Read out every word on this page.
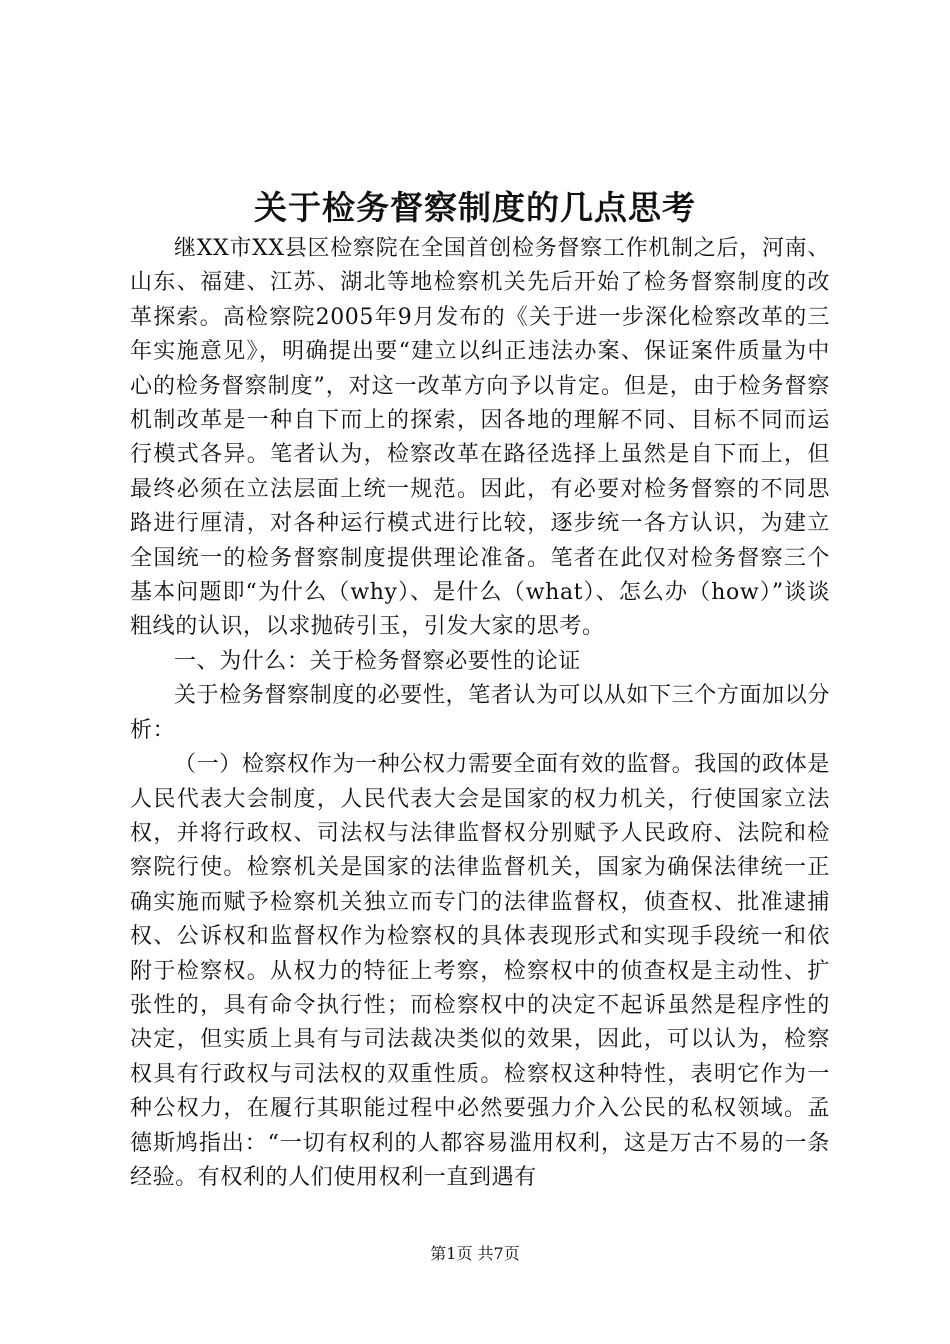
关于检务督察制度的几点思考

继XX市XX县区检察院在全国首创检务督察工作机制之后，河南、山东、福建、江苏、湖北等地检察机关先后开始了检务督察制度的改革探索。高检察院2005年9月发布的《关于进一步深化检察改革的三年实施意见》，明确提出要“建立以纠正违法办案、保证案件质量为中心的检务督察制度”，对这一改革方向予以肯定。但是，由于检务督察机制改革是一种自下而上的探索，因各地的理解不同、目标不同而运行模式各异。笔者认为，检察改革在路径选择上虽然是自下而上，但最终必须在立法层面上统一规范。因此，有必要对检务督察的不同思路进行厘清，对各种运行模式进行比较，逐步统一各方认识，为建立全国统一的检务督察制度提供理论准备。笔者在此仅对检务督察三个基本问题即“为什么（why）、是什么（what）、怎么办（how）”谈谈粗线的认识，以求抛砖引玉，引发大家的思考。

一、为什么：关于检务督察必要性的论证

关于检务督察制度的必要性，笔者认为可以从如下三个方面加以分析：

（一）检察权作为一种公权力需要全面有效的监督。我国的政体是人民代表大会制度，人民代表大会是国家的权力机关，行使国家立法权，并将行政权、司法权与法律监督权分别赋予人民政府、法院和检察院行使。检察机关是国家的法律监督机关，国家为确保法律统一正确实施而赋予检察机关独立而专门的法律监督权，侦查权、批准逮捕权、公诉权和监督权作为检察权的具体表现形式和实现手段统一和依附于检察权。从权力的特征上考察，检察权中的侦查权是主动性、扩张性的，具有命令执行性；而检察权中的决定不起诉虽然是程序性的决定，但实质上具有与司法裁决类似的效果，因此，可以认为，检察权具有行政权与司法权的双重性质。检察权这种特性，表明它作为一种公权力，在履行其职能过程中必然要强力介入公民的私权领域。孟德斯鸠指出：“一切有权利的人都容易滥用权利，这是万古不易的一条经验。有权利的人们使用权利一直到遇有

第1页 共7页
